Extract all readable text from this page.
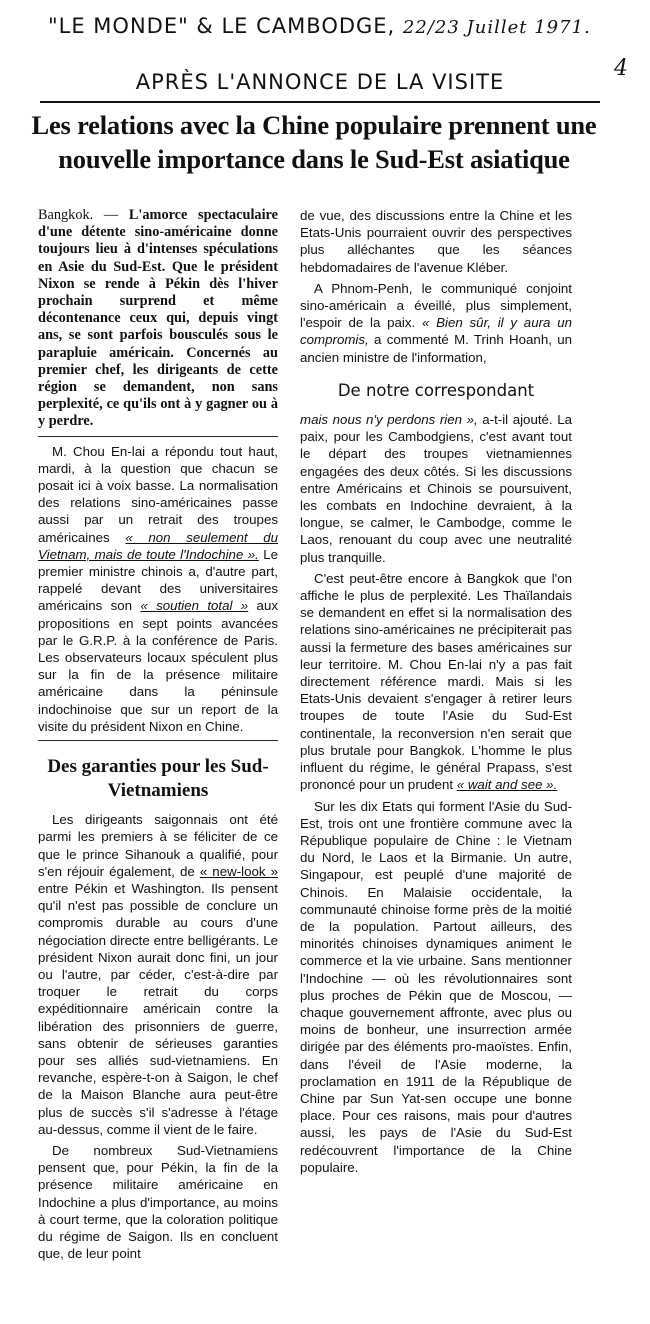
"LE MONDE" & LE CAMBODGE, 22/23 Juillet 1971.
4
APRÈS L'ANNONCE DE LA VISITE
Les relations avec la Chine populaire prennent une nouvelle importance dans le Sud-Est asiatique

Bangkok. — L'amorce spectaculaire d'une détente sino-américaine donne toujours lieu à d'intenses spéculations en Asie du Sud-Est. Que le président Nixon se rende à Pékin dès l'hiver prochain surprend et même décontenance ceux qui, depuis vingt ans, se sont parfois bousculés sous le parapluie américain. Concernés au premier chef, les dirigeants de cette région se demandent, non sans perplexité, ce qu'ils ont à y gagner ou à y perdre.

M. Chou En-lai a répondu tout haut, mardi, à la question que chacun se posait ici à voix basse. La normalisation des relations sino-américaines passe aussi par un retrait des troupes américaines « non seulement du Vietnam, mais de toute l'Indochine ». Le premier ministre chinois a, d'autre part, rappelé devant des universitaires américains son « soutien total » aux propositions en sept points avancées par le G.R.P. à la conférence de Paris. Les observateurs locaux spéculent plus sur la fin de la présence militaire américaine dans la péninsule indochinoise que sur un report de la visite du président Nixon en Chine.

Des garanties pour les Sud-Vietnamiens

Les dirigeants saigonnais ont été parmi les premiers à se féliciter de ce que le prince Sihanouk a qualifié, pour s'en réjouir également, de « new-look » entre Pékin et Washington. Ils pensent qu'il n'est pas possible de conclure un compromis durable au cours d'une négociation directe entre belligérants. Le président Nixon aurait donc fini, un jour ou l'autre, par céder, c'est-à-dire par troquer le retrait du corps expéditionnaire américain contre la libération des prisonniers de guerre, sans obtenir de sérieuses garanties pour ses alliés sud-vietnamiens. En revanche, espère-t-on à Saigon, le chef de la Maison Blanche aura peut-être plus de succès s'il s'adresse à l'étage au-dessus, comme il vient de le faire.

De nombreux Sud-Vietnamiens pensent que, pour Pékin, la fin de la présence militaire américaine en Indochine a plus d'importance, au moins à court terme, que la coloration politique du régime de Saigon. Ils en concluent que, de leur point

de vue, des discussions entre la Chine et les Etats-Unis pourraient ouvrir des perspectives plus alléchantes que les séances hebdomadaires de l'avenue Kléber.

A Phnom-Penh, le communiqué conjoint sino-américain a éveillé, plus simplement, l'espoir de la paix. « Bien sûr, il y aura un compromis, a commenté M. Trinh Hoanh, un ancien ministre de l'information,

De notre correspondant

mais nous n'y perdons rien », a-t-il ajouté. La paix, pour les Cambodgiens, c'est avant tout le départ des troupes vietnamiennes engagées des deux côtés. Si les discussions entre Américains et Chinois se poursuivent, les combats en Indochine devraient, à la longue, se calmer, le Cambodge, comme le Laos, renouant du coup avec une neutralité plus tranquille.

C'est peut-être encore à Bangkok que l'on affiche le plus de perplexité. Les Thaïlandais se demandent en effet si la normalisation des relations sino-américaines ne précipiterait pas aussi la fermeture des bases américaines sur leur territoire. M. Chou En-lai n'y a pas fait directement référence mardi. Mais si les Etats-Unis devaient s'engager à retirer leurs troupes de toute l'Asie du Sud-Est continentale, la reconversion n'en serait que plus brutale pour Bangkok. L'homme le plus influent du régime, le général Prapass, s'est prononcé pour un prudent « wait and see ».

Sur les dix Etats qui forment l'Asie du Sud-Est, trois ont une frontière commune avec la République populaire de Chine : le Vietnam du Nord, le Laos et la Birmanie. Un autre, Singapour, est peuplé d'une majorité de Chinois. En Malaisie occidentale, la communauté chinoise forme près de la moitié de la population. Partout ailleurs, des minorités chinoises dynamiques animent le commerce et la vie urbaine. Sans mentionner l'Indochine — où les révolutionnaires sont plus proches de Pékin que de Moscou, — chaque gouvernement affronte, avec plus ou moins de bonheur, une insurrection armée dirigée par des éléments pro-maoïstes. Enfin, dans l'éveil de l'Asie moderne, la proclamation en 1911 de la République de Chine par Sun Yat-sen occupe une bonne place. Pour ces raisons, mais pour d'autres aussi, les pays de l'Asie du Sud-Est redécouvrent l'importance de la Chine populaire.
